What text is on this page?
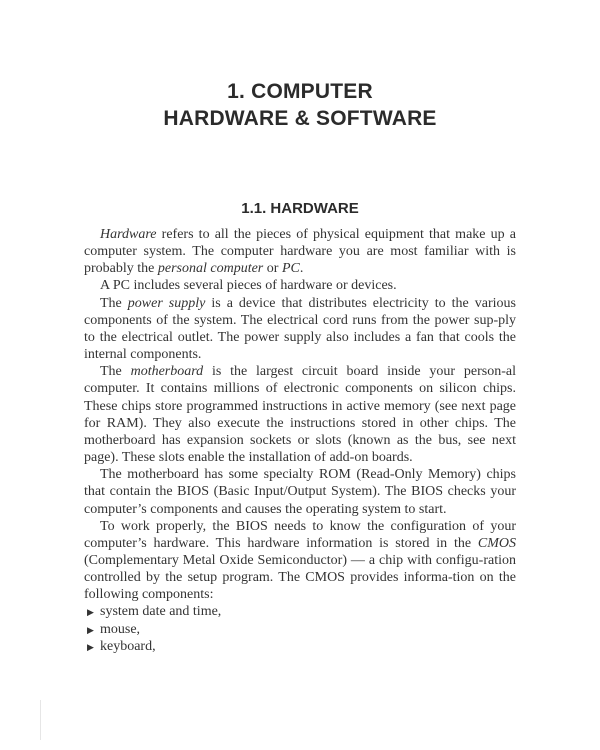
1. COMPUTER
HARDWARE & SOFTWARE
1.1. HARDWARE

Hardware refers to all the pieces of physical equipment that make up a computer system. The computer hardware you are most familiar with is probably the personal computer or PC.

A PC includes several pieces of hardware or devices.

The power supply is a device that distributes electricity to the various components of the system. The electrical cord runs from the power sup-ply to the electrical outlet. The power supply also includes a fan that cools the internal components.

The motherboard is the largest circuit board inside your person-al computer. It contains millions of electronic components on silicon chips. These chips store programmed instructions in active memory (see next page for RAM). They also execute the instructions stored in other chips. The motherboard has expansion sockets or slots (known as the bus, see next page). These slots enable the installation of add-on boards.

The motherboard has some specialty ROM (Read-Only Memory) chips that contain the BIOS (Basic Input/Output System). The BIOS checks your computer’s components and causes the operating system to start.

To work properly, the BIOS needs to know the configuration of your computer’s hardware. This hardware information is stored in the CMOS (Complementary Metal Oxide Semiconductor) — a chip with configu-ration controlled by the setup program. The CMOS provides informa-tion on the following components:

▶ system date and time,
▶ mouse,
▶ keyboard,
